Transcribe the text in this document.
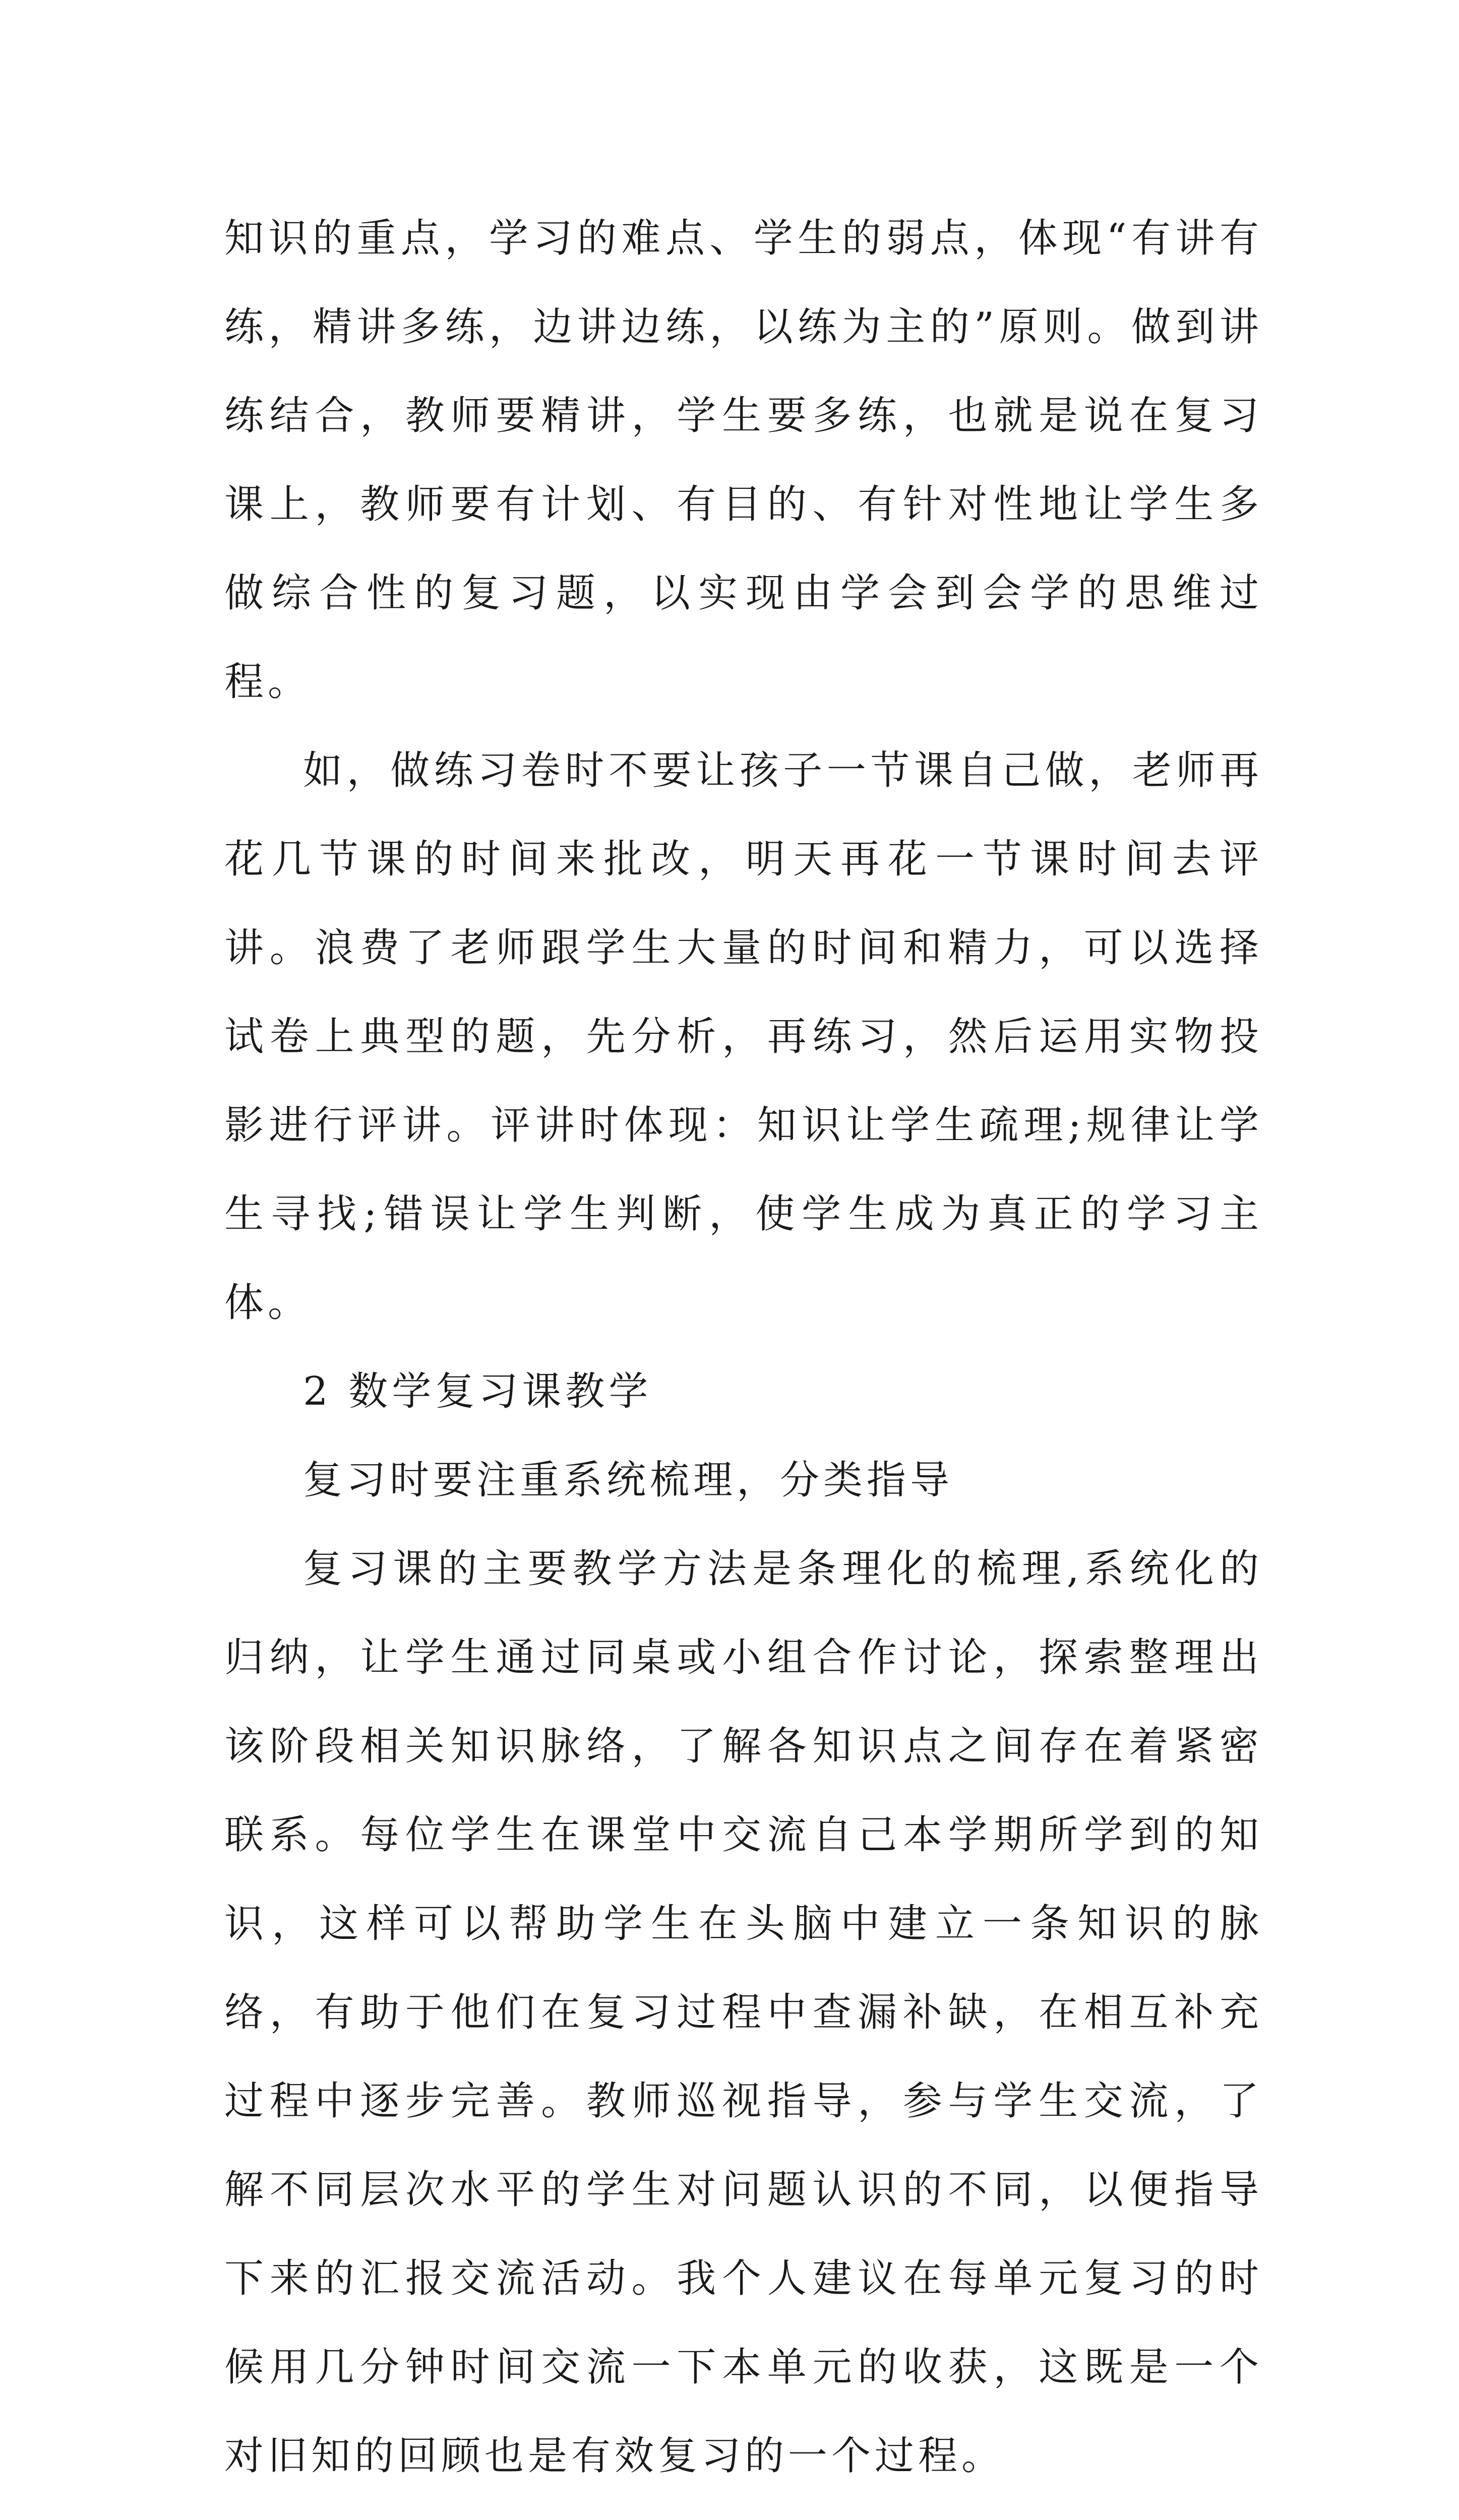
知识的重点，学习的难点、学生的弱点，体现“有讲有练，精讲多练，边讲边练，以练为主的”原则。做到讲练结合，教师要精讲，学生要多练，也就是说在复习课上，教师要有计划、有目的、有针对性地让学生多做综合性的复习题，以实现由学会到会学的思维过程。

如，做练习卷时不要让孩子一节课自己做，老师再花几节课的时间来批改，明天再花一节课时间去评讲。浪费了老师跟学生大量的时间和精力，可以选择试卷上典型的题，先分析，再练习，然后运用实物投影进行评讲。评讲时体现：知识让学生疏理;规律让学生寻找;错误让学生判断，使学生成为真正的学习主体。

2 数学复习课教学

复习时要注重系统梳理，分类指导

复习课的主要教学方法是条理化的梳理,系统化的归纳，让学生通过同桌或小组合作讨论，探索整理出该阶段相关知识脉络，了解各知识点之间存在着紧密联系。每位学生在课堂中交流自己本学期所学到的知识，这样可以帮助学生在头脑中建立一条知识的脉络，有助于他们在复习过程中查漏补缺，在相互补充过程中逐步完善。教师巡视指导，参与学生交流，了解不同层次水平的学生对问题认识的不同，以便指导下来的汇报交流活动。我个人建议在每单元复习的时候用几分钟时间交流一下本单元的收获，这既是一个对旧知的回顾也是有效复习的一个过程。
